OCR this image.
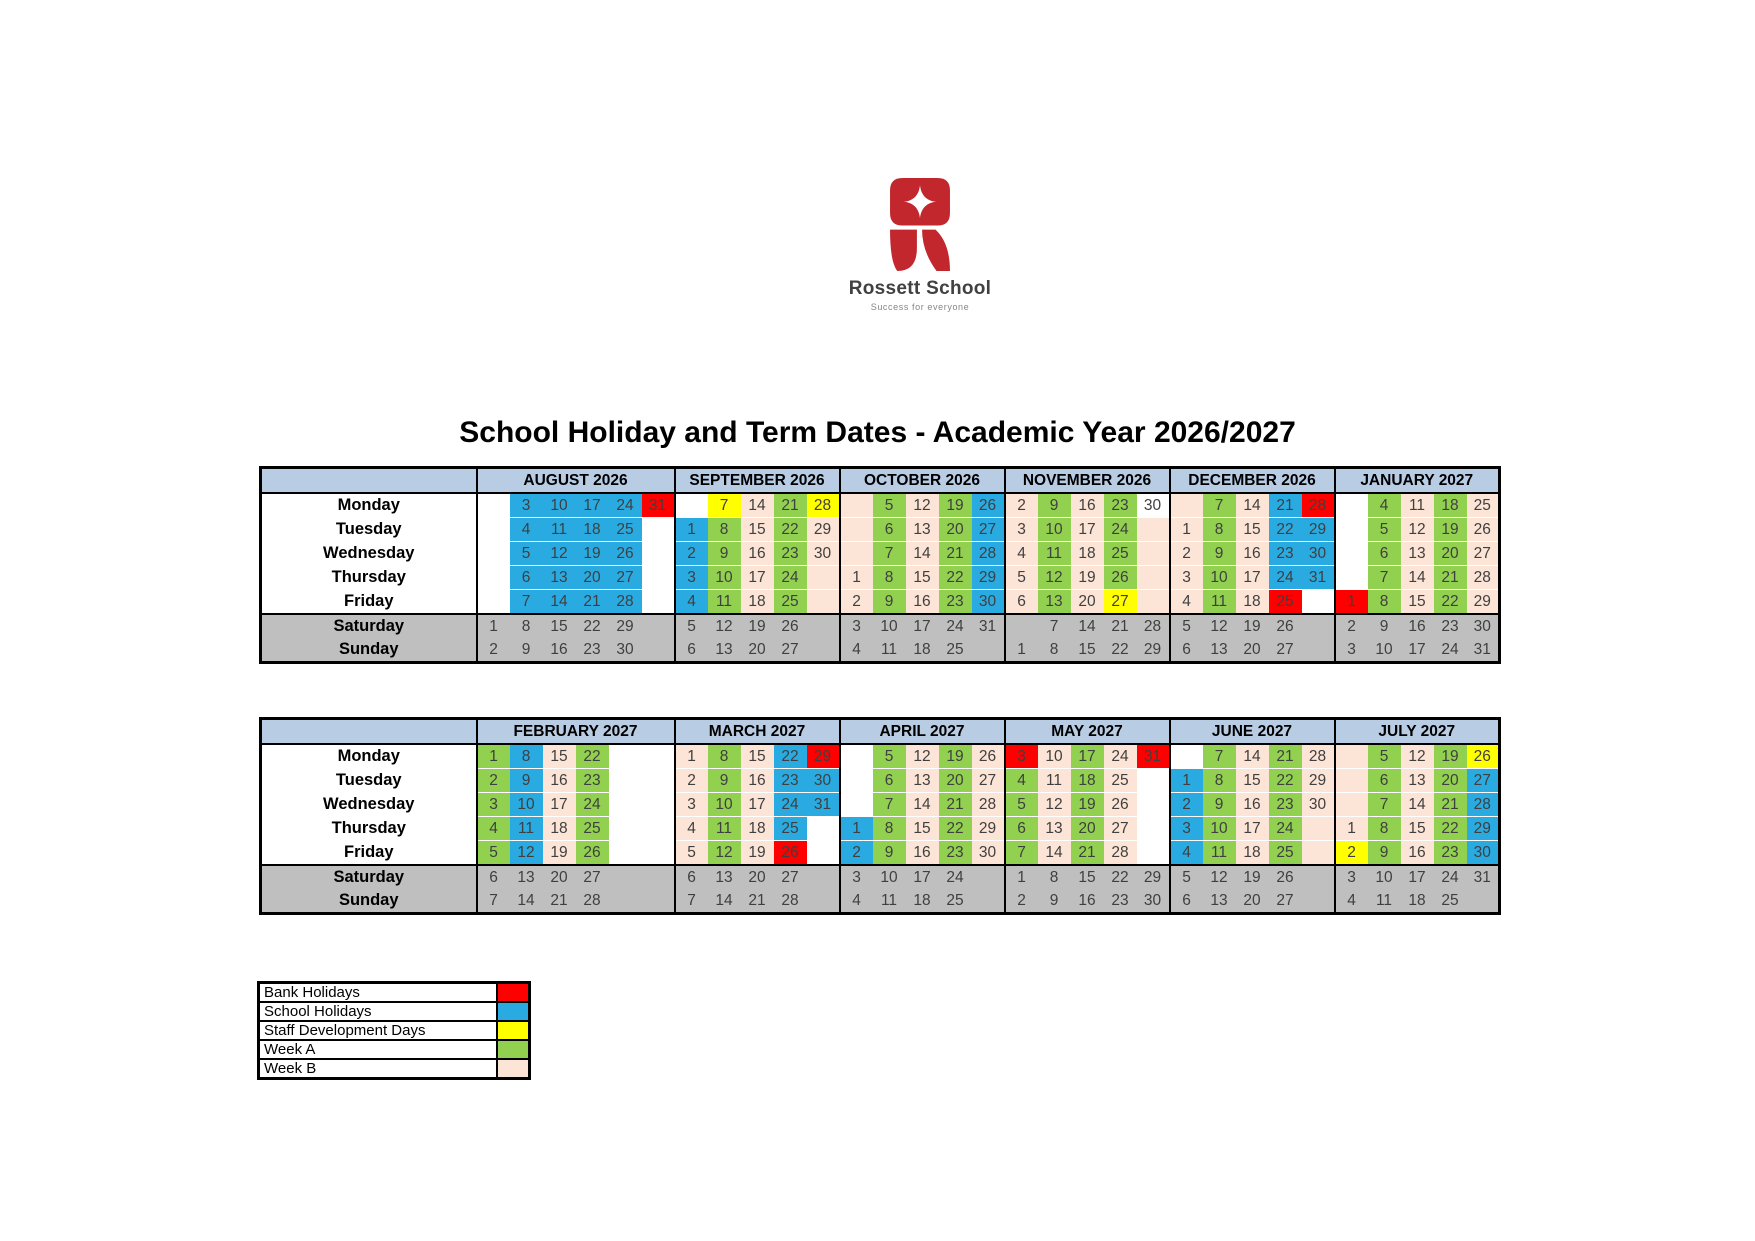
Rossett School
Success for everyone
School Holiday and Term Dates - Academic Year 2026/2027
	AUGUST 2026						SEPTEMBER 2026					OCTOBER 2026					NOVEMBER 2026					DECEMBER 2026					JANUARY 2027				
Monday		3	10	17	24	31		7	14	21	28		5	12	19	26	2	9	16	23	30		7	14	21	28		4	11	18	25
Tuesday		4	11	18	25		1	8	15	22	29		6	13	20	27	3	10	17	24		1	8	15	22	29		5	12	19	26
Wednesday		5	12	19	26		2	9	16	23	30		7	14	21	28	4	11	18	25		2	9	16	23	30		6	13	20	27
Thursday		6	13	20	27		3	10	17	24		1	8	15	22	29	5	12	19	26		3	10	17	24	31		7	14	21	28
Friday		7	14	21	28		4	11	18	25		2	9	16	23	30	6	13	20	27		4	11	18	25		1	8	15	22	29
Saturday	1	8	15	22	29		5	12	19	26		3	10	17	24	31		7	14	21	28	5	12	19	26		2	9	16	23	30
Sunday	2	9	16	23	30		6	13	20	27		4	11	18	25		1	8	15	22	29	6	13	20	27		3	10	17	24	31
	FEBRUARY 2027						MARCH 2027					APRIL 2027					MAY 2027					JUNE 2027					JULY 2027				
Monday	1	8	15	22			1	8	15	22	29		5	12	19	26	3	10	17	24	31		7	14	21	28		5	12	19	26
Tuesday	2	9	16	23			2	9	16	23	30		6	13	20	27	4	11	18	25		1	8	15	22	29		6	13	20	27
Wednesday	3	10	17	24			3	10	17	24	31		7	14	21	28	5	12	19	26		2	9	16	23	30		7	14	21	28
Thursday	4	11	18	25			4	11	18	25		1	8	15	22	29	6	13	20	27		3	10	17	24		1	8	15	22	29
Friday	5	12	19	26			5	12	19	26		2	9	16	23	30	7	14	21	28		4	11	18	25		2	9	16	23	30
Saturday	6	13	20	27			6	13	20	27		3	10	17	24		1	8	15	22	29	5	12	19	26		3	10	17	24	31
Sunday	7	14	21	28			7	14	21	28		4	11	18	25		2	9	16	23	30	6	13	20	27		4	11	18	25	
Bank Holidays	
School Holidays	
Staff Development Days	
Week A	
Week B	
